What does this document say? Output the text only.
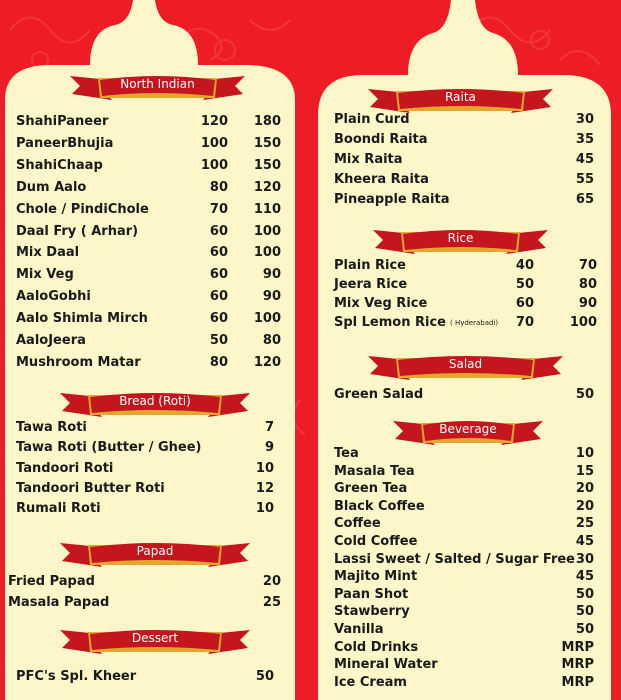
North Indian
ShahiPaneer	120 180
PaneerBhujia	100 150
ShahiChaap	100 150
Dum Aalo	80 120
Chole / PindiChole	70 110
Daal Fry ( Arhar)	60 100
Mix Daal	60 100
Mix Veg	60	90
AaloGobhi	60	90
Aalo Shimla Mirch	60 100
AaloJeera	50	80
Mushroom Matar	80 120
Bread (Roti)
Tawa Roti	7
Tawa Roti (Butter / Ghee)	9
Tandoori Roti	10
Tandoori Butter Roti	12
Rumali Roti	10
Papad
Fried Papad	20
Masala Papad	25
Dessert
PFC's Spl. Kheer	50
Raita
Plain Curd	30
Boondi Raita	35
Mix Raita	45
Kheera Raita	55
Pineapple Raita	65
Rice
Plain Rice	40	70
Jeera Rice	50	80
Mix Veg Rice	60	90
Spl Lemon Rice ( Hyderabadi) 70	100
Salad
Green Salad	50
Beverage
Tea	10
Masala Tea	15
Green Tea	20
Black Coffee	20
Coffee	25
Cold Coffee	45
Lassi Sweet / Salted / Sugar Free 30
Majito Mint	45
Paan Shot	50
Stawberry	50
Vanilla	50
Cold Drinks	MRP
Mineral Water	MRP
Ice Cream	MRP
